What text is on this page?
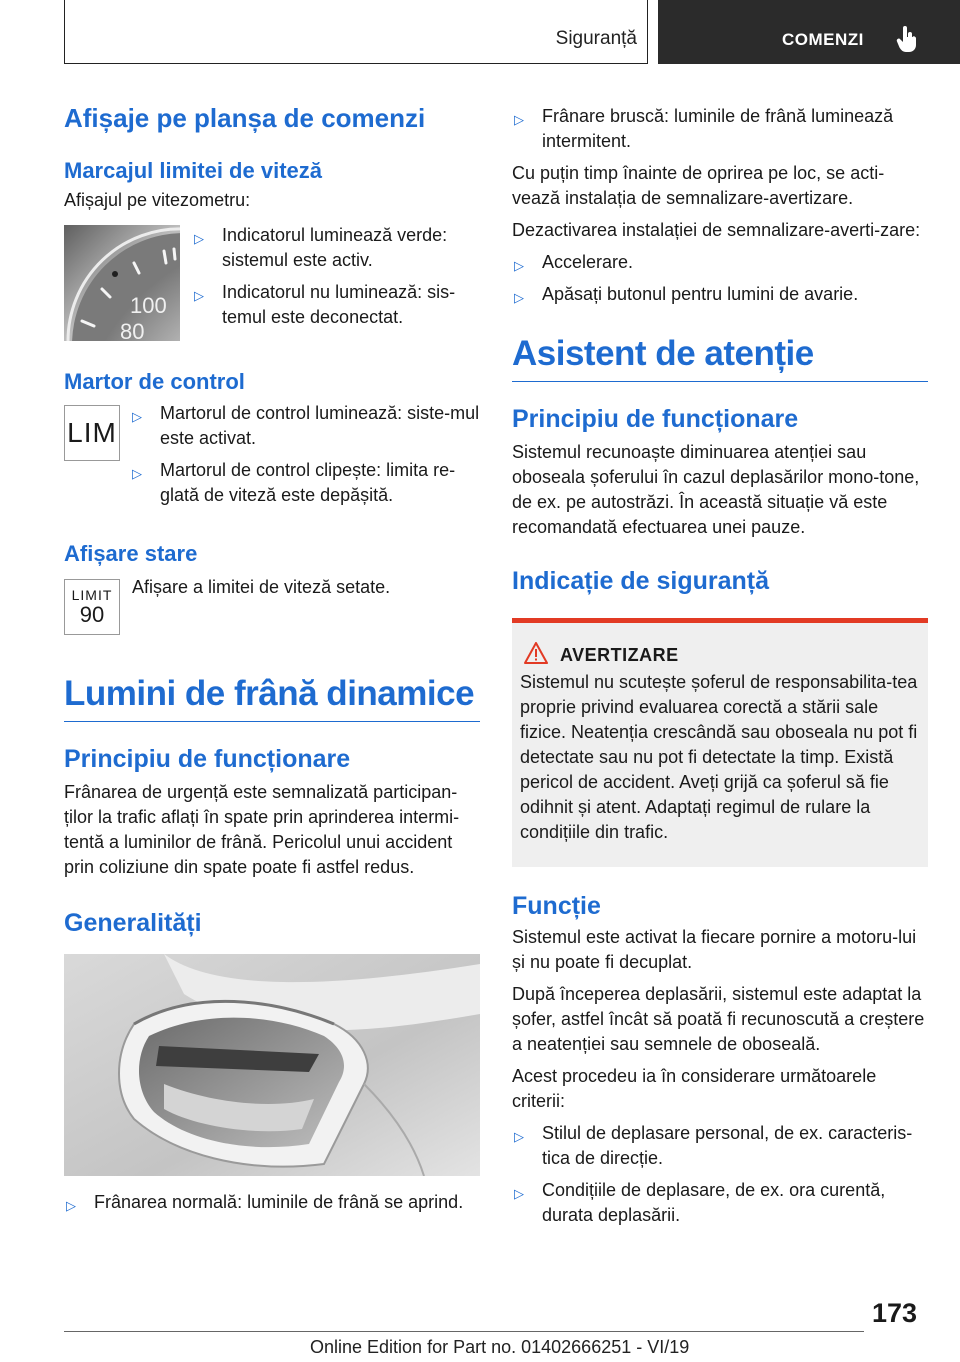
Siguranță	COMENZI
Afișaje pe planșa de comenzi
Marcajul limitei de viteză

Afișajul pe vitezometru:

100
80
▷ Indicatorul luminează verde: sistemul este activ.
▷ Indicatorul nu luminează: sis-temul este deconectat.
Martor de control
LIM
▷ Martorul de control luminează: siste-mul este activat.
▷ Martorul de control clipește: limita re-glată de viteză este depășită.
Afișare stare
LIMIT
90

Afișare a limitei de viteză setate.

Lumini de frână dinamice
Principiu de funcționare

Frânarea de urgență este semnalizată participan-ților la trafic aflați în spate prin aprinderea intermi-tentă a luminilor de frână. Pericolul unui accident prin coliziune din spate poate fi astfel redus.

Generalități
▷ Frânarea normală: luminile de frână se aprind.
▷ Frânare bruscă: luminile de frână luminează intermitent.

Cu puțin timp înainte de oprirea pe loc, se acti-vează instalația de semnalizare-avertizare.

Dezactivarea instalației de semnalizare-averti-zare:

▷ Accelerare.
▷ Apăsați butonul pentru lumini de avarie.
Asistent de atenție
Principiu de funcționare

Sistemul recunoaște diminuarea atenției sau oboseala șoferului în cazul deplasărilor mono-tone, de ex. pe autostrăzi. În această situație vă este recomandată efectuarea unei pauze.

Indicație de siguranță
AVERTIZARE

Sistemul nu scutește șoferul de responsabilita-tea proprie privind evaluarea corectă a stării sale fizice. Neatenția crescândă sau oboseala nu pot fi detectate sau nu pot fi detectate la timp. Există pericol de accident. Aveți grijă ca șoferul să fie odihnit și atent. Adaptați regimul de rulare la condițiile din trafic.

Funcție

Sistemul este activat la fiecare pornire a motoru-lui și nu poate fi decuplat.

După începerea deplasării, sistemul este adaptat la șofer, astfel încât să poată fi recunoscută a creștere a neatenției sau semnele de oboseală.

Acest procedeu ia în considerare următoarele criterii:

▷ Stilul de deplasare personal, de ex. caracteris-tica de direcție.
▷ Condițiile de deplasare, de ex. ora curentă, durata deplasării.
173
Online Edition for Part no. 01402666251 - VI/19
